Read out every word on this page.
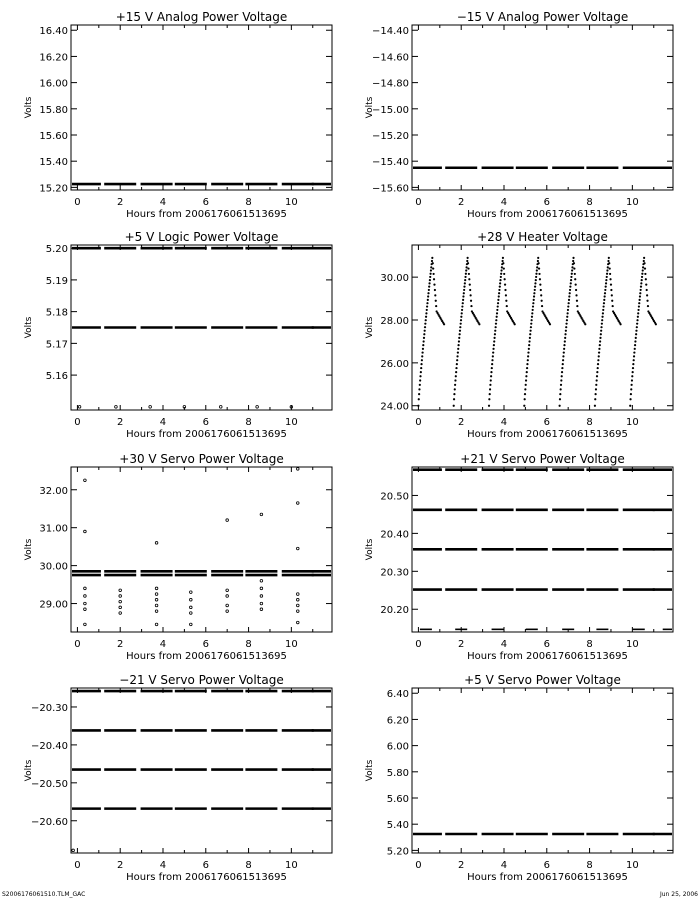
+15 V Analog Power Voltage
0	2	4	6	8	10
15.20
15.40
15.60
15.80
16.00
16.20
16.40
Hours from 2006176061513695
Volts
−15 V Analog Power Voltage
0	2	4	6	8	10
−15.60
−15.40
−15.20
−15.00
−14.80
−14.60
−14.40
Hours from 2006176061513695
Volts
+5 V Logic Power Voltage
0	2	4	6	8	10
5.16
5.17
5.18
5.19
5.20
Hours from 2006176061513695
Volts
+28 V Heater Voltage
0	2	4	6	8	10
24.00
26.00
28.00
30.00
Hours from 2006176061513695
Volts
+30 V Servo Power Voltage
0	2	4	6	8	10
29.00
30.00
31.00
32.00
Hours from 2006176061513695
Volts
+21 V Servo Power Voltage
0	2	4	6	8	10
20.20
20.30
20.40
20.50
Hours from 2006176061513695
Volts
−21 V Servo Power Voltage
0	2	4	6	8	10
−20.60
−20.50
−20.40
−20.30
Hours from 2006176061513695
Volts
+5 V Servo Power Voltage
0	2	4	6	8	10
5.20
5.40
5.60
5.80
6.00
6.20
6.40
Hours from 2006176061513695
Volts
S2006176061510.TLM_GAC	Jun 25, 2006
